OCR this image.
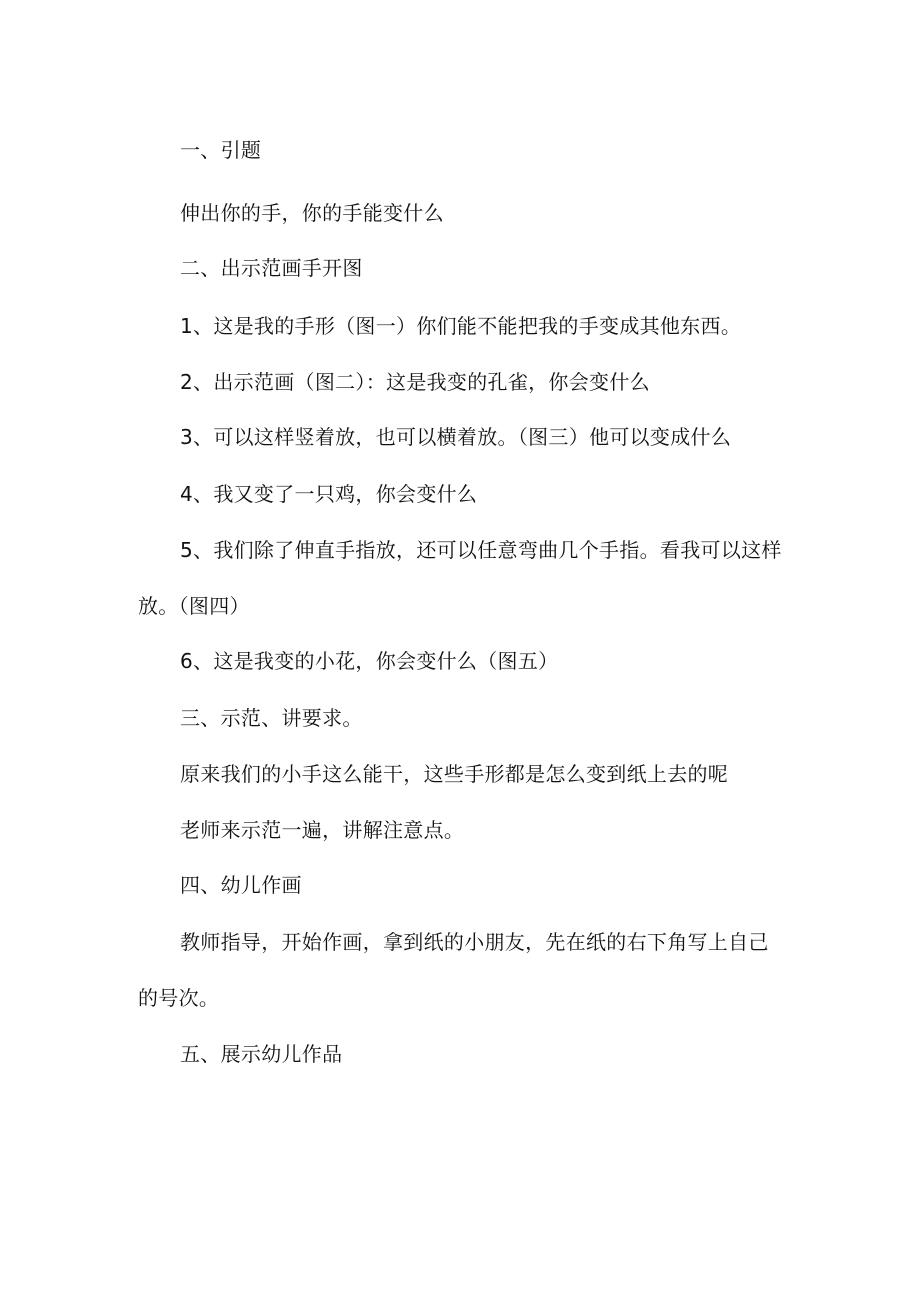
一、引题
伸出你的手，你的手能变什么
二、出示范画手开图
1、这是我的手形（图一）你们能不能把我的手变成其他东西。
2、出示范画（图二）：这是我变的孔雀，你会变什么
3、可以这样竖着放，也可以横着放。（图三）他可以变成什么
4、我又变了一只鸡，你会变什么
5、我们除了伸直手指放，还可以任意弯曲几个手指。看我可以这样
放。（图四）
6、这是我变的小花，你会变什么（图五）
三、示范、讲要求。
原来我们的小手这么能干，这些手形都是怎么变到纸上去的呢
老师来示范一遍，讲解注意点。
四、幼儿作画
教师指导，开始作画，拿到纸的小朋友，先在纸的右下角写上自己
的号次。
五、展示幼儿作品
